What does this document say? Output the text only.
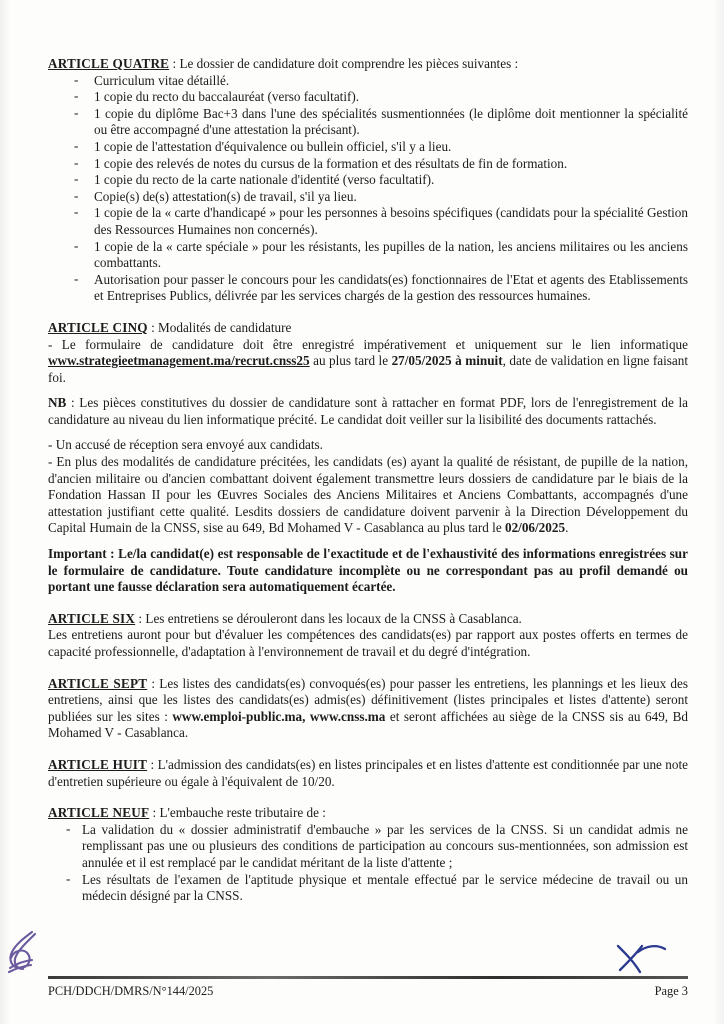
ARTICLE QUATRE : Le dossier de candidature doit comprendre les pièces suivantes :

- Curriculum vitae détaillé.
- 1 copie du recto du baccalauréat (verso facultatif).
- 1 copie du diplôme Bac+3 dans l'une des spécialités susmentionnées (le diplôme doit mentionner la spécialité ou être accompagné d'une attestation la précisant).
- 1 copie de l'attestation d'équivalence ou bullein officiel, s'il y a lieu.
- 1 copie des relevés de notes du cursus de la formation et des résultats de fin de formation.
- 1 copie du recto de la carte nationale d'identité (verso facultatif).
- Copie(s) de(s) attestation(s) de travail, s'il ya lieu.
- 1 copie de la « carte d'handicapé » pour les personnes à besoins spécifiques (candidats pour la spécialité Gestion des Ressources Humaines non concernés).
- 1 copie de la « carte spéciale » pour les résistants, les pupilles de la nation, les anciens militaires ou les anciens combattants.
- Autorisation pour passer le concours pour les candidats(es) fonctionnaires de l'Etat et agents des Etablissements et Entreprises Publics, délivrée par les services chargés de la gestion des ressources humaines.

ARTICLE CINQ : Modalités de candidature

- Le formulaire de candidature doit être enregistré impérativement et uniquement sur le lien informatique www.strategieetmanagement.ma/recrut.cnss25 au plus tard le 27/05/2025 à minuit, date de validation en ligne faisant foi.

NB : Les pièces constitutives du dossier de candidature sont à rattacher en format PDF, lors de l'enregistrement de la candidature au niveau du lien informatique précité. Le candidat doit veiller sur la lisibilité des documents rattachés.

- Un accusé de réception sera envoyé aux candidats.

- En plus des modalités de candidature précitées, les candidats (es) ayant la qualité de résistant, de pupille de la nation, d'ancien militaire ou d'ancien combattant doivent également transmettre leurs dossiers de candidature par le biais de la Fondation Hassan II pour les Œuvres Sociales des Anciens Militaires et Anciens Combattants, accompagnés d'une attestation justifiant cette qualité. Lesdits dossiers de candidature doivent parvenir à la Direction Développement du Capital Humain de la CNSS, sise au 649, Bd Mohamed V - Casablanca au plus tard le 02/06/2025.

Important : Le/la candidat(e) est responsable de l'exactitude et de l'exhaustivité des informations enregistrées sur le formulaire de candidature. Toute candidature incomplète ou ne correspondant pas au profil demandé ou portant une fausse déclaration sera automatiquement écartée.

ARTICLE SIX : Les entretiens se dérouleront dans les locaux de la CNSS à Casablanca.

Les entretiens auront pour but d'évaluer les compétences des candidats(es) par rapport aux postes offerts en termes de capacité professionnelle, d'adaptation à l'environnement de travail et du degré d'intégration.

ARTICLE SEPT : Les listes des candidats(es) convoqués(es) pour passer les entretiens, les plannings et les lieux des entretiens, ainsi que les listes des candidats(es) admis(es) définitivement (listes principales et listes d'attente) seront publiées sur les sites : www.emploi-public.ma, www.cnss.ma et seront affichées au siège de la CNSS sis au 649, Bd Mohamed V - Casablanca.

ARTICLE HUIT : L'admission des candidats(es) en listes principales et en listes d'attente est conditionnée par une note d'entretien supérieure ou égale à l'équivalent de 10/20.

ARTICLE NEUF : L'embauche reste tributaire de :

- La validation du « dossier administratif d'embauche » par les services de la CNSS. Si un candidat admis ne remplissant pas une ou plusieurs des conditions de participation au concours sus-mentionnées, son admission est annulée et il est remplacé par le candidat méritant de la liste d'attente ;
- Les résultats de l'examen de l'aptitude physique et mentale effectué par le service médecine de travail ou un médecin désigné par la CNSS.
PCH/DDCH/DMRS/N°144/2025	Page 3
